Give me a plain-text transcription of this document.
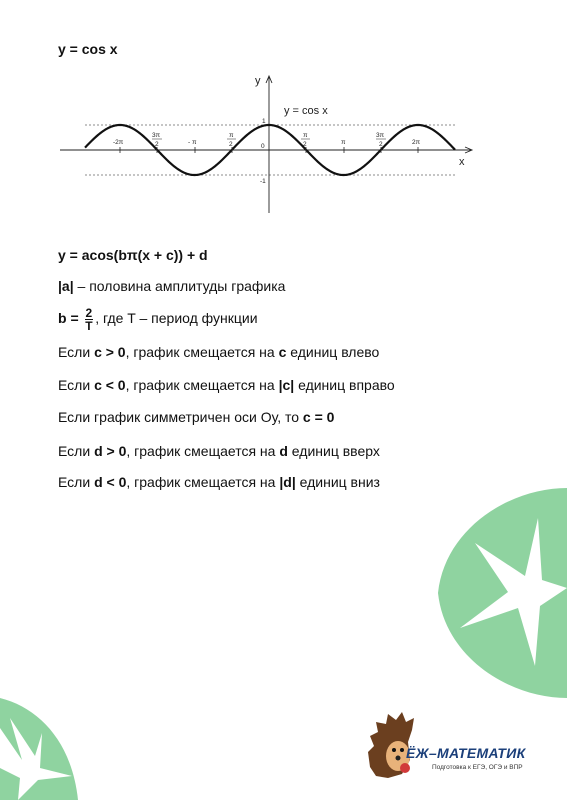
y = cos x
-2π
3π
2	- π
π
2	0
π
2	π
3π
2	2π
1
-1
y
x
y = cos x
y = acos(bπ(x + c)) + d
|a| – половина амплитуды графика
$b = \frac{2}{T}$ , где T – период функции
Если c > 0, график смещается на c единиц влево
Если c < 0, график смещается на |c| единиц вправо
Если график симметричен оси Оу, то c = 0
Если d > 0, график смещается на d единиц вверх
Если d < 0, график смещается на |d| единиц вниз
ЁЖ–МАТЕМАТИК
Подготовка к ЕГЭ, ОГЭ и ВПР
